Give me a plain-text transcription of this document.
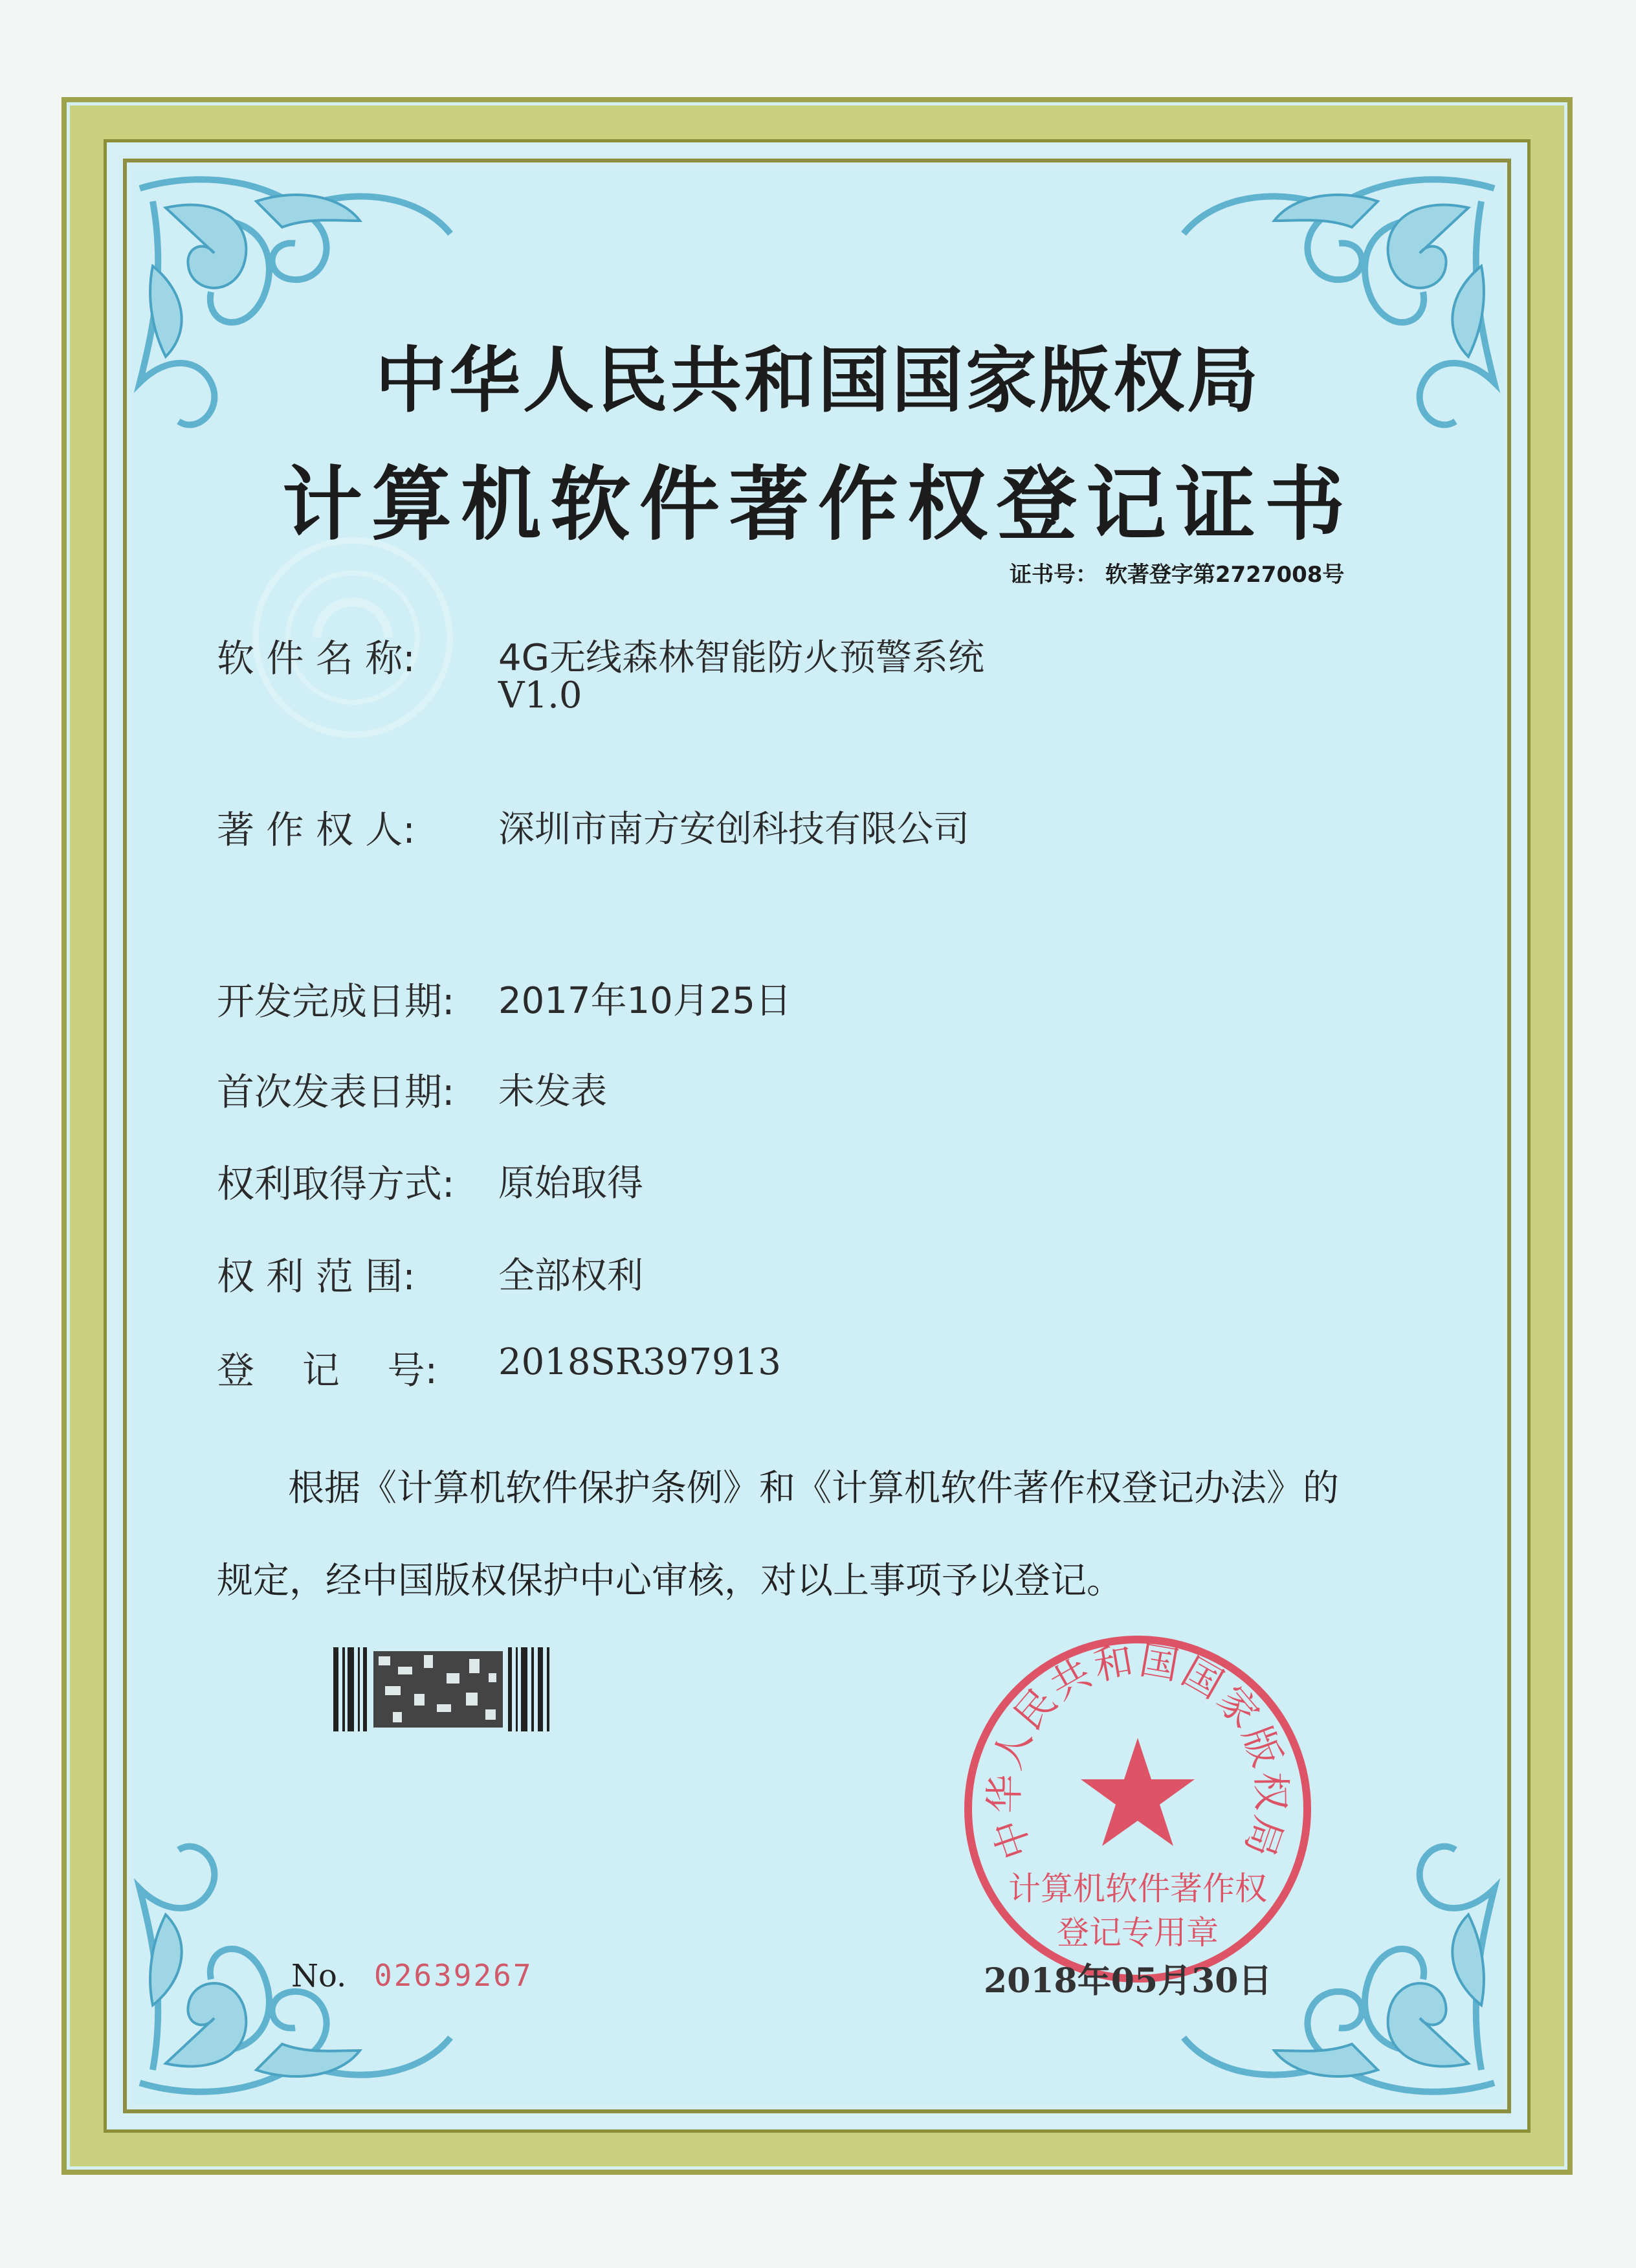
中华人民共和国国家版权局
计算机软件著作权登记证书
证书号： 软著登字第2727008号
软 件 名 称: 4G无线森林智能防火预警系统
V1.0
著 作 权 人: 深圳市南方安创科技有限公司
开发完成日期: 2017年10月25日
首次发表日期: 未发表
权利取得方式: 原始取得
权 利 范 围: 全部权利
登    记    号: 2018SR397913
根据《计算机软件保护条例》和《计算机软件著作权登记办法》的
规定，经中国版权保护中心审核，对以上事项予以登记。
No. 02639267
中华人民共和国国家版权局
计算机软件著作权
登记专用章
2018年05月30日
